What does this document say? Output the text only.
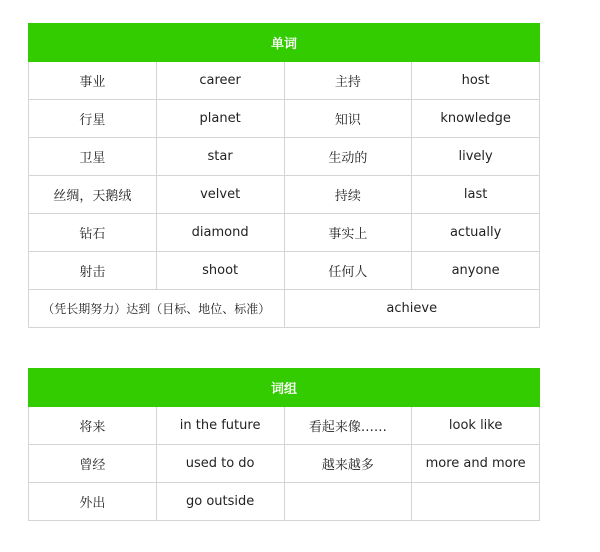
单词			
事业	career	主持	host
行星	planet	知识	knowledge
卫星	star	生动的	lively
丝绸，天鹅绒	velvet	持续	last
钻石	diamond	事实上	actually
射击	shoot	任何人	anyone
（凭长期努力）达到（目标、地位、标准）		achieve	
词组			
将来	in the future	看起来像……	look like
曾经	used to do	越来越多	more and more
外出	go outside		
